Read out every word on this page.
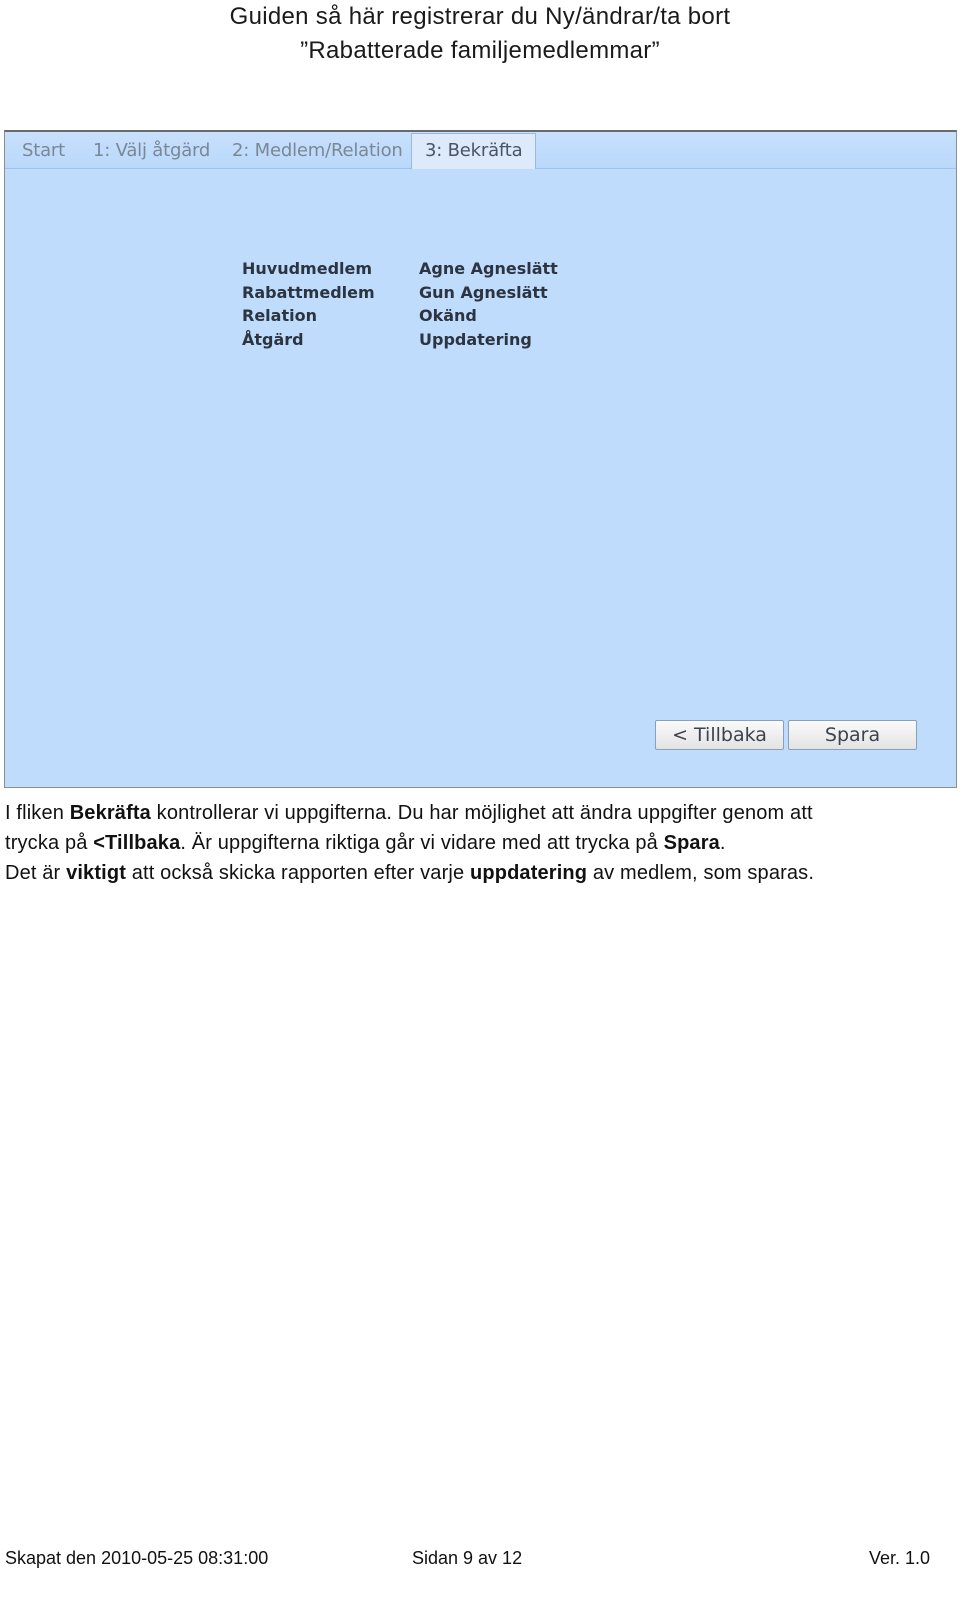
Guiden så här registrerar du Ny/ändrar/ta bort
”Rabatterade familjemedlemmar”
Start 1: Välj åtgärd 2: Medlem/Relation	3: Bekräfta
Huvudmedlem	Agne Agneslätt
Rabattmedlem	Gun Agneslätt
Relation	Okänd
Åtgärd	Uppdatering
< Tillbaka	Spara

I fliken Bekräfta kontrollerar vi uppgifterna. Du har möjlighet att ändra uppgifter genom att

trycka på <Tillbaka. Är uppgifterna riktiga går vi vidare med att trycka på Spara.

Det är viktigt att också skicka rapporten efter varje uppdatering av medlem, som sparas.

Skapat den 2010-05-25 08:31:00	Sidan 9 av 12	Ver. 1.0
